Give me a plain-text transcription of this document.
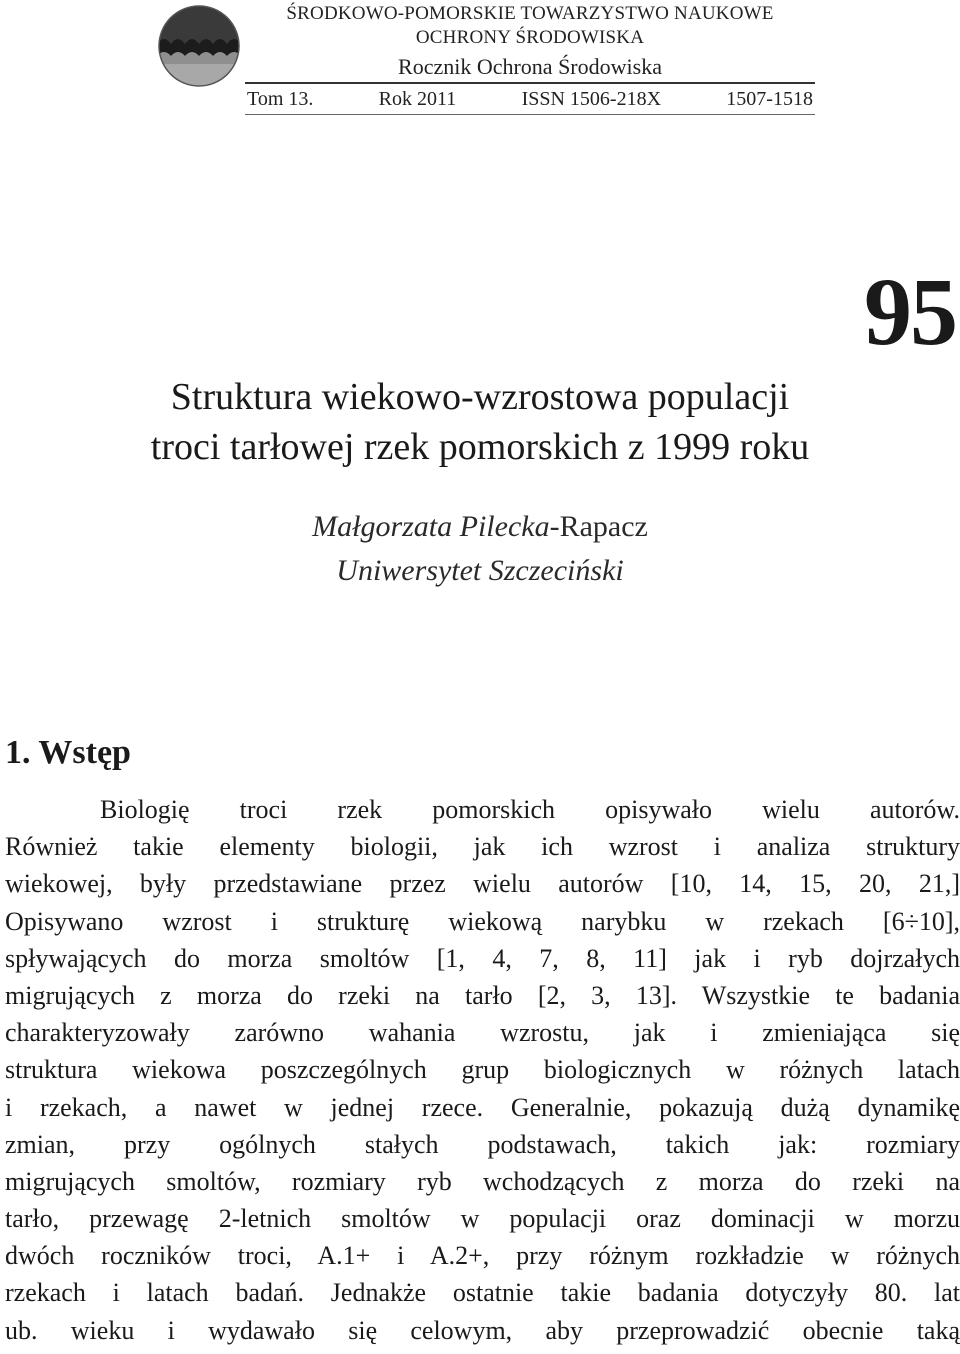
ŚRODKOWO-POMORSKIE TOWARZYSTWO NAUKOWE
OCHRONY ŚRODOWISKA
Rocznik Ochrona Środowiska
Tom 13.	Rok 2011	ISSN 1506-218X	1507-1518
95
Struktura wiekowo-wzrostowa populacji
troci tarłowej rzek pomorskich z 1999 roku
Małgorzata Pilecka-Rapacz
Uniwersytet Szczeciński
1. Wstęp
Biologię troci rzek pomorskich opisywało wielu autorów.
Również takie elementy biologii, jak ich wzrost i analiza struktury
wiekowej, były przedstawiane przez wielu autorów [10, 14, 15, 20, 21,]
Opisywano wzrost i strukturę wiekową narybku w rzekach [6÷10],
spływających do morza smoltów [1, 4, 7, 8, 11] jak i ryb dojrzałych
migrujących z morza do rzeki na tarło [2, 3, 13]. Wszystkie te badania
charakteryzowały zarówno wahania wzrostu, jak i zmieniająca się
struktura wiekowa poszczególnych grup biologicznych w różnych latach
i rzekach, a nawet w jednej rzece. Generalnie, pokazują dużą dynamikę
zmian, przy ogólnych stałych podstawach, takich jak: rozmiary
migrujących smoltów, rozmiary ryb wchodzących z morza do rzeki na
tarło, przewagę 2-letnich smoltów w populacji oraz dominacji w morzu
dwóch roczników troci, A.1+ i A.2+, przy różnym rozkładzie w różnych
rzekach i latach badań. Jednakże ostatnie takie badania dotyczyły 80. lat
ub. wieku i wydawało się celowym, aby przeprowadzić obecnie taką
